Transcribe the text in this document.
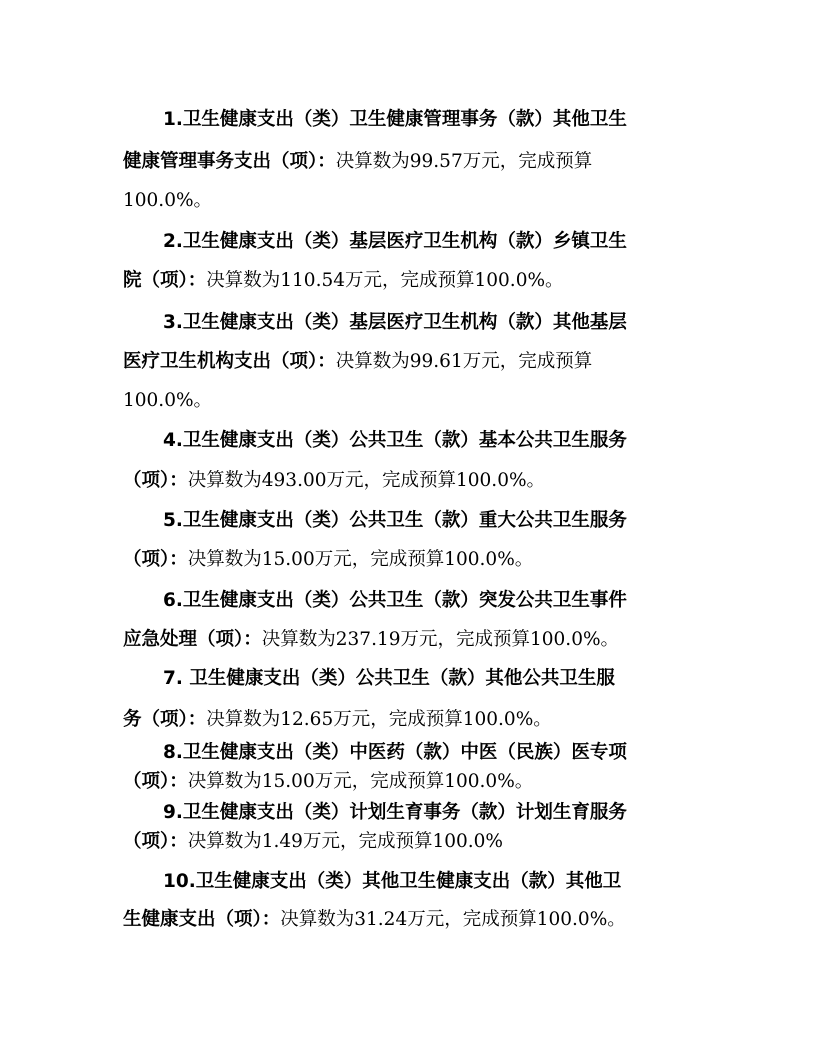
1.卫生健康支出（类）卫生健康管理事务（款）其他卫生
健康管理事务支出（项）：决算数为99.57万元，完成预算
100.0%。
2.卫生健康支出（类）基层医疗卫生机构（款）乡镇卫生
院（项）：决算数为110.54万元，完成预算100.0%。
3.卫生健康支出（类）基层医疗卫生机构（款）其他基层
医疗卫生机构支出（项）：决算数为99.61万元，完成预算
100.0%。
4.卫生健康支出（类）公共卫生（款）基本公共卫生服务
（项）：决算数为493.00万元，完成预算100.0%。
5.卫生健康支出（类）公共卫生（款）重大公共卫生服务
（项）：决算数为15.00万元，完成预算100.0%。
6.卫生健康支出（类）公共卫生（款）突发公共卫生事件
应急处理（项）：决算数为237.19万元，完成预算100.0%。
7. 卫生健康支出（类）公共卫生（款）其他公共卫生服
务（项）：决算数为12.65万元，完成预算100.0%。
8.卫生健康支出（类）中医药（款）中医（民族）医专项
（项）：决算数为15.00万元，完成预算100.0%。
9.卫生健康支出（类）计划生育事务（款）计划生育服务
（项）：决算数为1.49万元，完成预算100.0%
10.卫生健康支出（类）其他卫生健康支出（款）其他卫
生健康支出（项）：决算数为31.24万元，完成预算100.0%。
